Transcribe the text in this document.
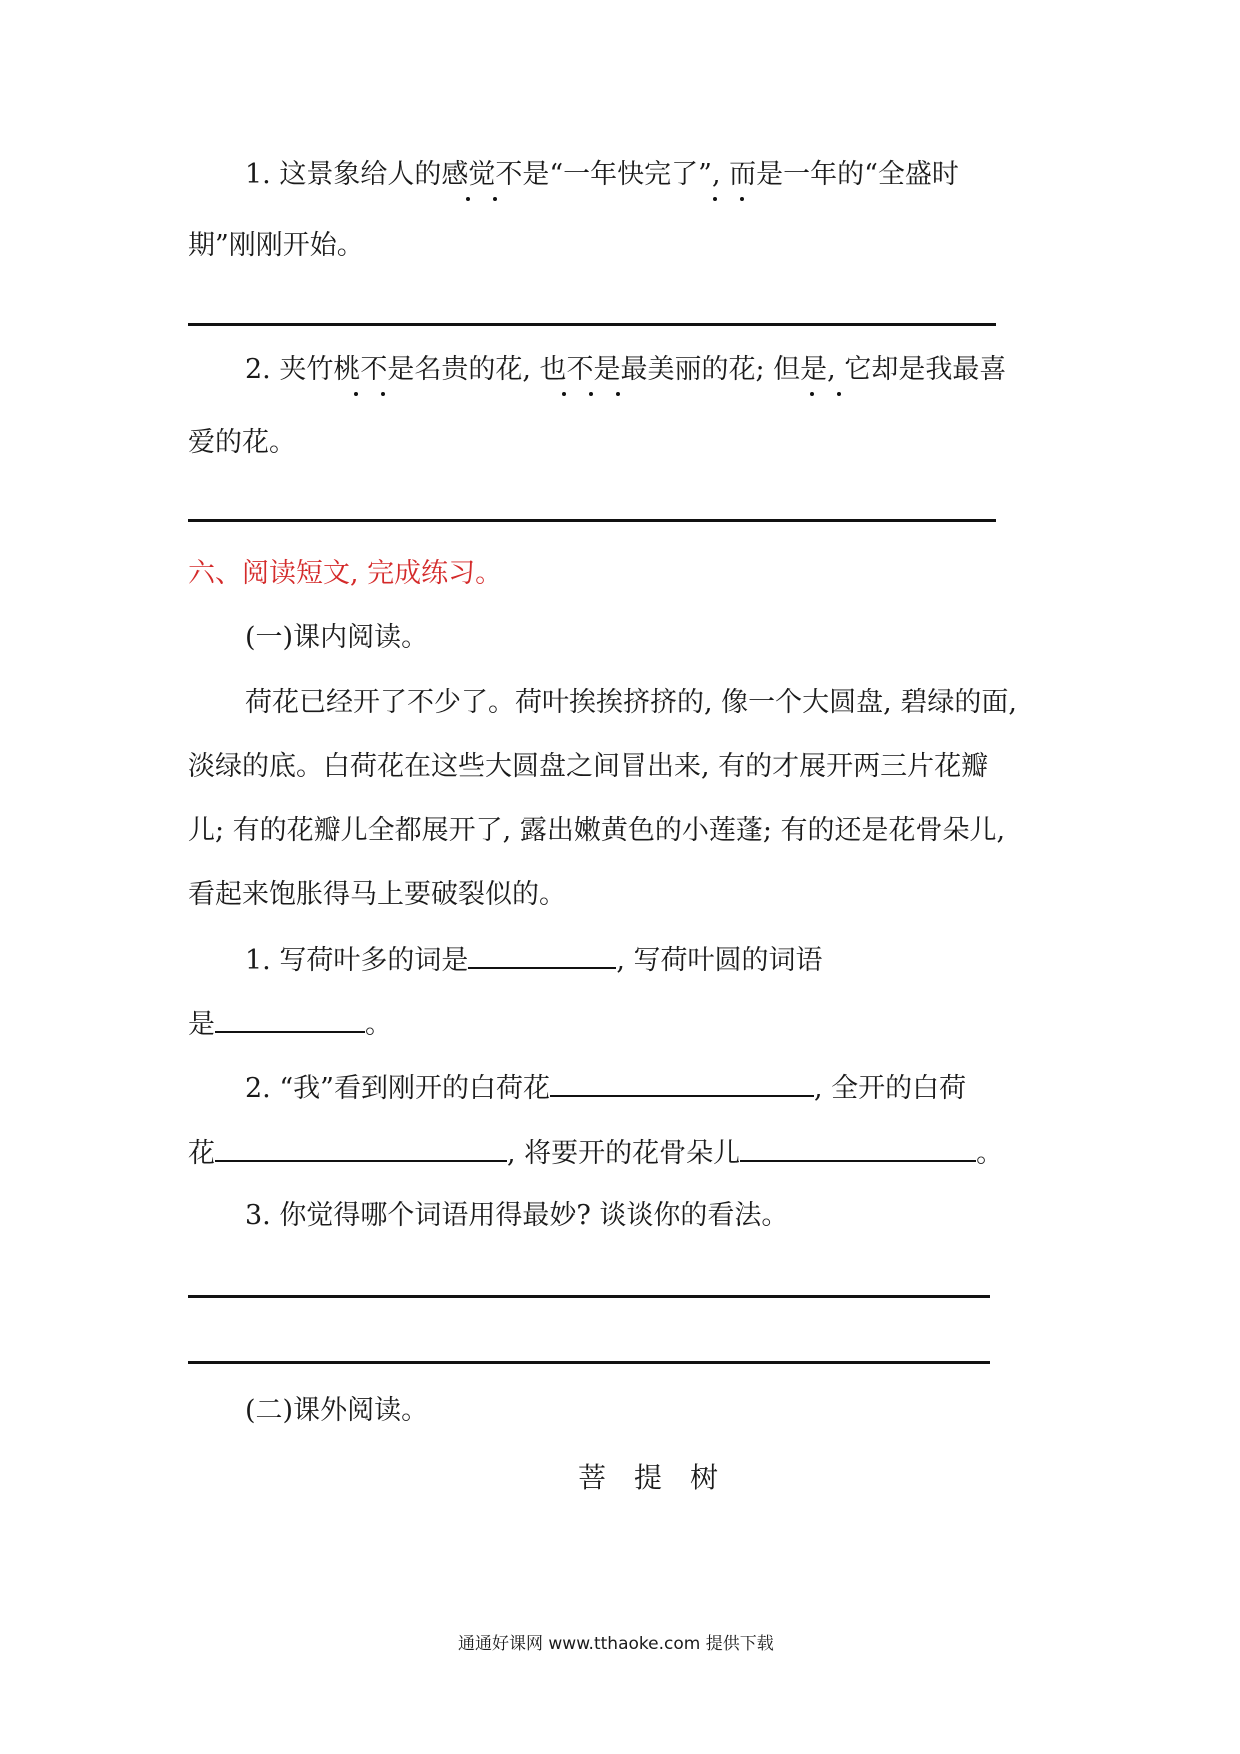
1. 这景象给人的感觉不是“一年快完了”, 而是一年的“全盛时
期”刚刚开始。
2. 夹竹桃不是名贵的花, 也不是最美丽的花; 但是, 它却是我最喜
爱的花。
六、阅读短文, 完成练习。
(一)课内阅读。
荷花已经开了不少了。荷叶挨挨挤挤的, 像一个大圆盘, 碧绿的面,
淡绿的底。白荷花在这些大圆盘之间冒出来, 有的才展开两三片花瓣
儿; 有的花瓣儿全都展开了, 露出嫩黄色的小莲蓬; 有的还是花骨朵儿,
看起来饱胀得马上要破裂似的。
1. 写荷叶多的词是	, 写荷叶圆的词语
是	。
2. “我”看到刚开的白荷花	, 全开的白荷
花	, 将要开的花骨朵儿	。
3. 你觉得哪个词语用得最妙? 谈谈你的看法。
(二)课外阅读。
菩　提　树
通通好课网 www.tthaoke.com 提供下载
